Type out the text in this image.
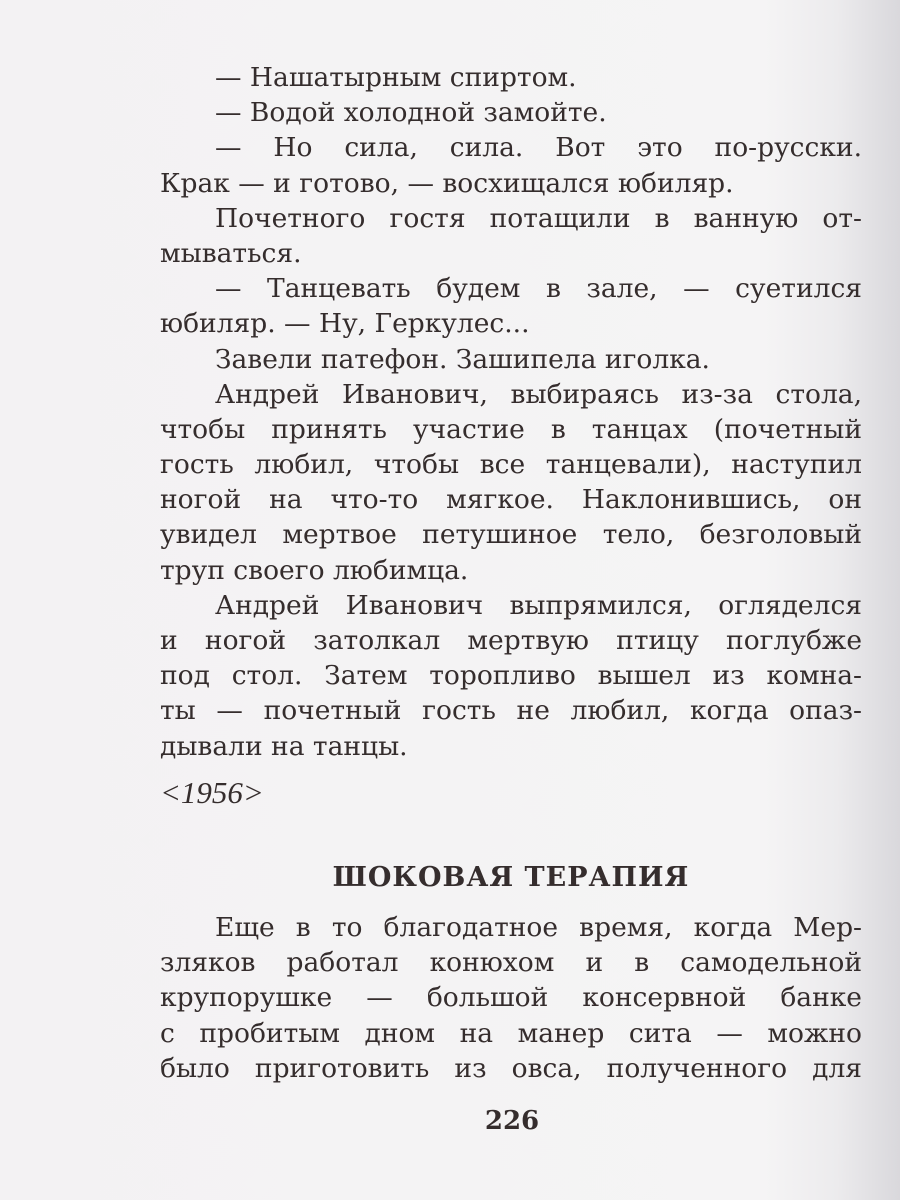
— Нашатырным спиртом.
— Водой холодной замойте.
— Но сила, сила. Вот это по-русски.
Крак — и готово, — восхищался юбиляр.
Почетного гостя потащили в ванную от-
мываться.
— Танцевать будем в зале, — суетился
юбиляр. — Ну, Геркулес...
Завели патефон. Зашипела иголка.
Андрей Иванович, выбираясь из-за стола,
чтобы принять участие в танцах (почетный
гость любил, чтобы все танцевали), наступил
ногой на что-то мягкое. Наклонившись, он
увидел мертвое петушиное тело, безголовый
труп своего любимца.
Андрей Иванович выпрямился, огляделся
и ногой затолкал мертвую птицу поглубже
под стол. Затем торопливо вышел из комна-
ты — почетный гость не любил, когда опаз-
дывали на танцы.
<1956>
ШОКОВАЯ ТЕРАПИЯ
Еще в то благодатное время, когда Мер-
зляков работал конюхом и в самодельной
крупорушке — большой консервной банке
с пробитым дном на манер сита — можно
было приготовить из овса, полученного для
226
